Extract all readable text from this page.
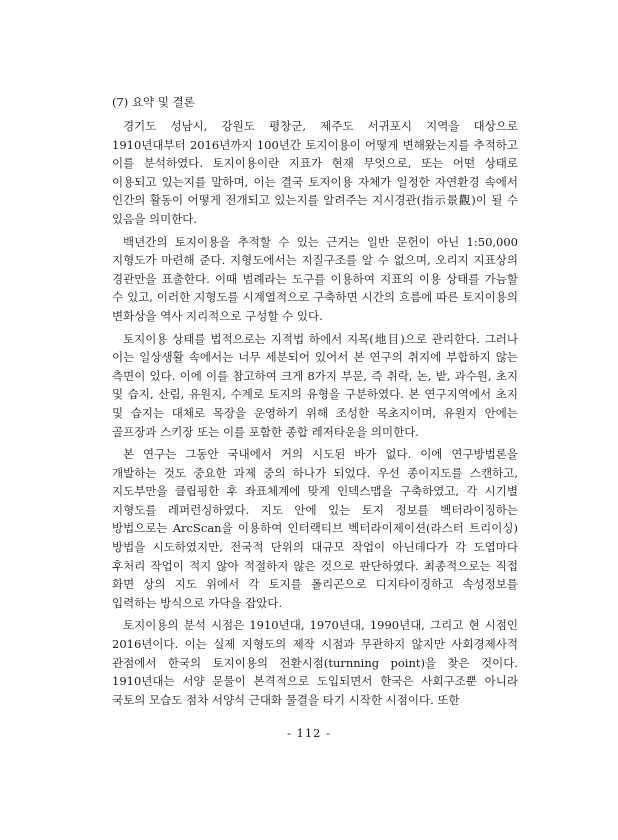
(7) 요약 및 결론

경기도 성남시, 강원도 평창군, 제주도 서귀포시 지역을 대상으로 1910년대부터 2016년까지 100년간 토지이용이 어떻게 변해왔는지를 추적하고 이를 분석하였다. 토지이용이란 지표가 현재 무엇으로, 또는 어떤 상태로 이용되고 있는지를 말하며, 이는 결국 토지이용 자체가 일정한 자연환경 속에서 인간의 활동이 어떻게 전개되고 있는지를 알려주는 지시경관(指示景觀)이 될 수 있음을 의미한다.

백년간의 토지이용을 추적할 수 있는 근거는 일반 문헌이 아닌 1:50,000 지형도가 마련해 준다. 지형도에서는 지질구조를 알 수 없으며, 오리지 지표상의 경관만을 표출한다. 이때 범례라는 도구를 이용하여 지표의 이용 상태를 가늠할 수 있고, 이러한 지형도를 시계열적으로 구축하면 시간의 흐름에 따른 토지이용의 변화상을 역사 지리적으로 구성할 수 있다.

토지이용 상태를 법적으로는 지적법 하에서 지목(地目)으로 관리한다. 그러나 이는 일상생활 속에서는 너무 세분되어 있어서 본 연구의 취지에 부합하지 않는 측면이 있다. 이에 이를 참고하여 크게 8가지 부문, 즉 취락, 논, 밭, 과수원, 초지 및 습지, 산림, 유원지, 수계로 토지의 유형을 구분하였다. 본 연구지역에서 초지 및 습지는 대체로 목장을 운영하기 위해 조성한 목초지이며, 유원지 안에는 골프장과 스키장 또는 이를 포함한 종합 레저타운을 의미한다.

본 연구는 그동안 국내에서 거의 시도된 바가 없다. 이에 연구방법론을 개발하는 것도 중요한 과제 중의 하나가 되었다. 우선 종이지도를 스캔하고, 지도부만을 클립핑한 후 좌표체계에 맞게 인덱스맵을 구축하였고, 각 시기별 지형도를 레퍼런싱하였다. 지도 안에 있는 토지 정보를 벡터라이징하는 방법으로는 ArcScan을 이용하여 인터랙티브 벡터라이제이션(라스터 트리이싱) 방법을 시도하였지만, 전국적 단위의 대규모 작업이 아닌데다가 각 도엽마다 후처리 작업이 적지 않아 적절하지 않은 것으로 판단하였다. 최종적으로는 직접 화면 상의 지도 위에서 각 토지를 폴리곤으로 디지타이징하고 속성정보를 입력하는 방식으로 가닥을 잡았다.

토지이용의 분석 시점은 1910년대, 1970년대, 1990년대, 그리고 현 시점인 2016년이다. 이는 실제 지형도의 제작 시점과 무관하지 않지만 사회경제사적 관점에서 한국의 토지이용의 전환시점(turnning point)을 찾은 것이다. 1910년대는 서양 문물이 본격적으로 도입되면서 한국은 사회구조뿐 아니라 국토의 모습도 점차 서양식 근대화 물결을 타기 시작한 시점이다. 또한

- 112 -
